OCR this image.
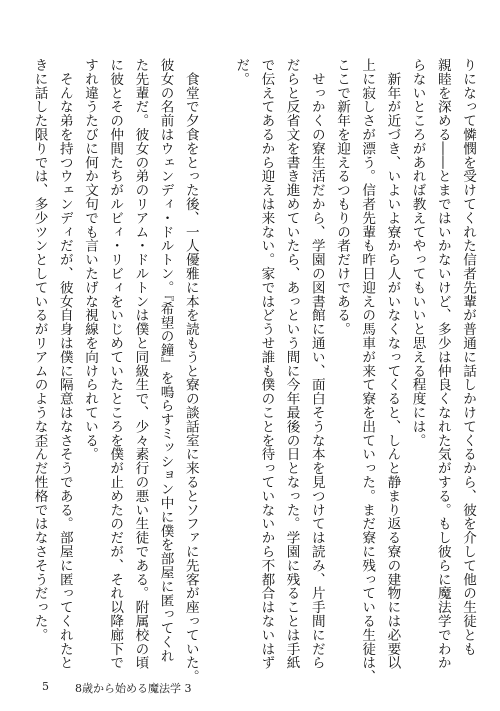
りになって憐憫を受けてくれた信者先輩が普通に話しかけてくるから、彼を介して他の生徒とも
親睦を深める――とまではいかないけど、多少は仲良くなれた気がする。もし彼らに魔法学でわか
らないところがあれば教えてやってもいいと思える程度には。
　新年が近づき、いよいよ寮から人がいなくなってくると、しんと静まり返る寮の建物には必要以
上に寂しさが漂う。信者先輩も昨日迎えの馬車が来て寮を出ていった。まだ寮に残っている生徒は、
ここで新年を迎えるつもりの者だけである。
　せっかくの寮生活だから、学園の図書館に通い、面白そうな本を見つけては読み、片手間にだら
だらと反省文を書き進めていたら、あっという間に今年最後の日となった。学園に残ることは手紙
で伝えてあるから迎えは来ない。家ではどうせ誰も僕のことを待っていないから不都合はないはず
だ。
　食堂で夕食をとった後、一人優雅に本を読もうと寮の談話室に来るとソファに先客が座っていた。
彼女の名前はウェンディ・ドルトン。『希望の鐘』を鳴らすミッション中に僕を部屋に匿ってくれ
た先輩だ。彼女の弟のリアム・ドルトンは僕と同級生で、少々素行の悪い生徒である。附属校の頃
に彼とその仲間たちがルビィ・リビィをいじめていたところを僕が止めたのだが、それ以降廊下で
すれ違うたびに何か文句でも言いたげな視線を向けられている。
　そんな弟を持つウェンディだが、彼女自身は僕に隔意はなさそうである。部屋に匿ってくれたと
きに話した限りでは、多少ツンとしているがリアムのような歪んだ性格ではなさそうだった。
5 8歳から始める魔法学 3
